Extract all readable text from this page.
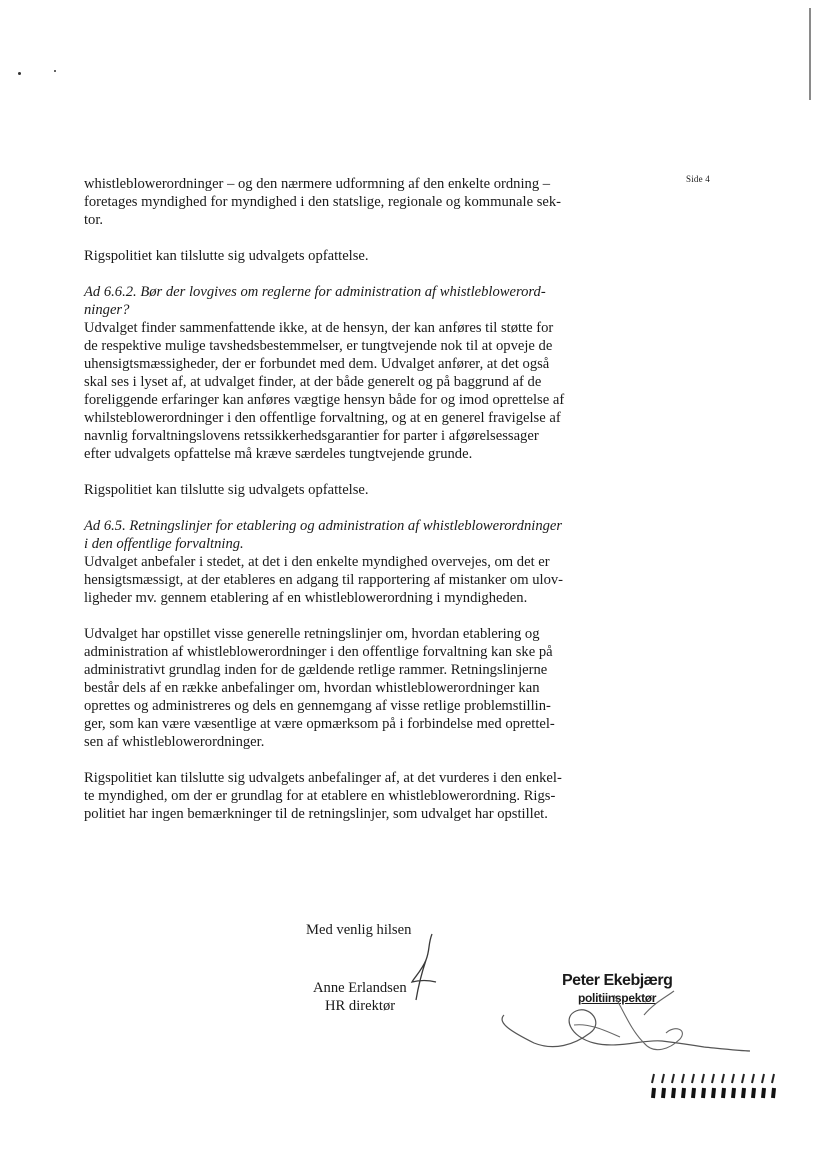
Side 4

whistleblowerordninger – og den nærmere udformning af den enkelte ordning –

foretages myndighed for myndighed i den statslige, regionale og kommunale sek-

tor.

Rigspolitiet kan tilslutte sig udvalgets opfattelse.

Ad 6.6.2. Bør der lovgives om reglerne for administration af whistleblowerord-

ninger?

Udvalget finder sammenfattende ikke, at de hensyn, der kan anføres til støtte for

de respektive mulige tavshedsbestemmelser, er tungtvejende nok til at opveje de

uhensigtsmæssigheder, der er forbundet med dem. Udvalget anfører, at det også

skal ses i lyset af, at udvalget finder, at der både generelt og på baggrund af de

foreliggende erfaringer kan anføres vægtige hensyn både for og imod oprettelse af

whilsteblowerordninger i den offentlige forvaltning, og at en generel fravigelse af

navnlig forvaltningslovens retssikkerhedsgarantier for parter i afgørelsessager

efter udvalgets opfattelse må kræve særdeles tungtvejende grunde.

Rigspolitiet kan tilslutte sig udvalgets opfattelse.

Ad 6.5. Retningslinjer for etablering og administration af whistleblowerordninger

i den offentlige forvaltning.

Udvalget anbefaler i stedet, at det i den enkelte myndighed overvejes, om det er

hensigtsmæssigt, at der etableres en adgang til rapportering af mistanker om ulov-

ligheder mv. gennem etablering af en whistleblowerordning i myndigheden.

Udvalget har opstillet visse generelle retningslinjer om, hvordan etablering og

administration af whistleblowerordninger i den offentlige forvaltning kan ske på

administrativt grundlag inden for de gældende retlige rammer. Retningslinjerne

består dels af en række anbefalinger om, hvordan whistleblowerordninger kan

oprettes og administreres og dels en gennemgang af visse retlige problemstillin-

ger, som kan være væsentlige at være opmærksom på i forbindelse med oprettel-

sen af whistleblowerordninger.

Rigspolitiet kan tilslutte sig udvalgets anbefalinger af, at det vurderes i den enkel-

te myndighed, om der er grundlag for at etablere en whistleblowerordning. Rigs-

politiet har ingen bemærkninger til de retningslinjer, som udvalget har opstillet.

Med venlig hilsen
Anne Erlandsen
HR direktør
Peter Ekebjærg
politiinspektør
